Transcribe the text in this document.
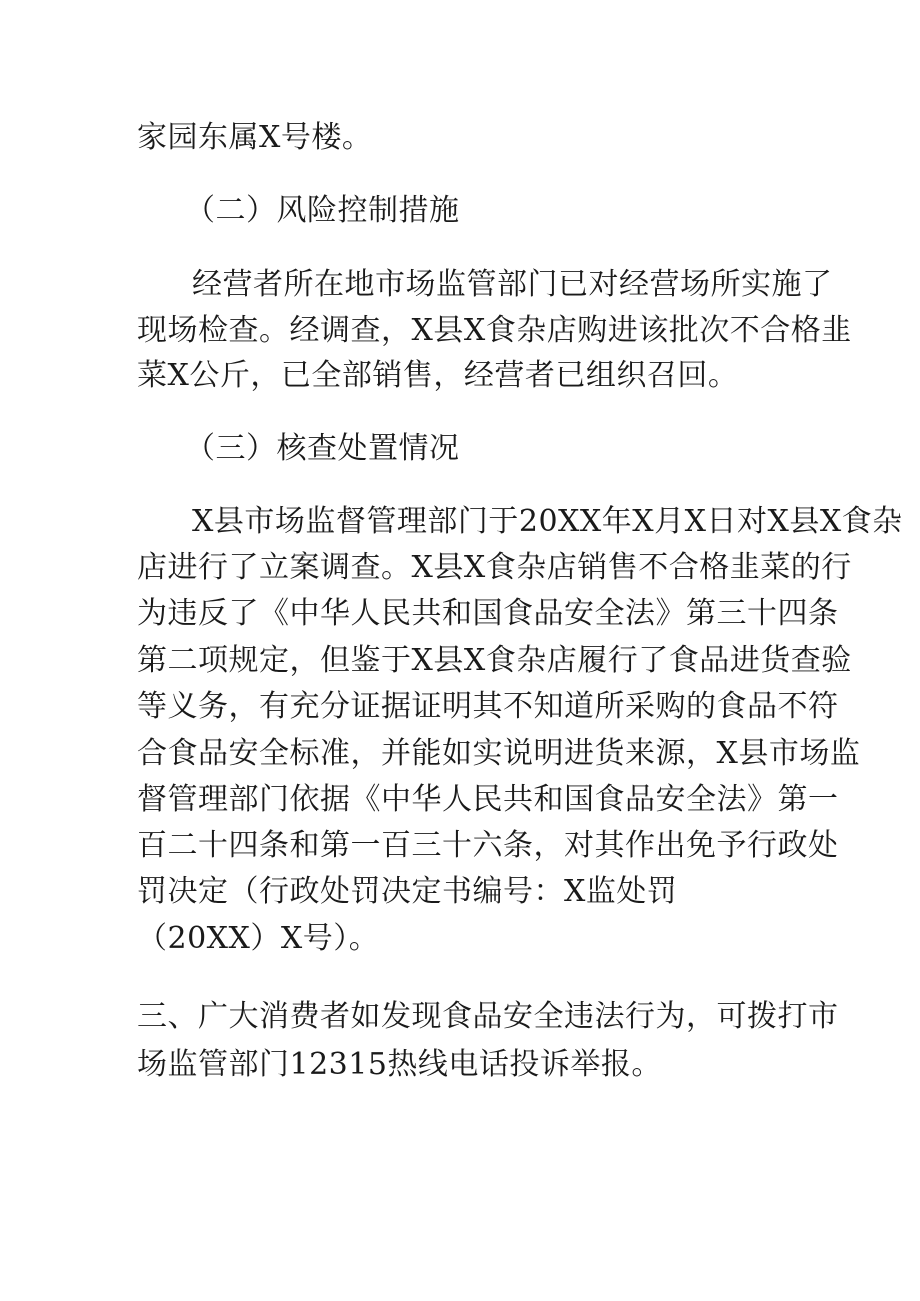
家园东属X号楼。
（二）风险控制措施
经营者所在地市场监管部门已对经营场所实施了
现场检查。经调查，X县X食杂店购进该批次不合格韭
菜X公斤，已全部销售，经营者已组织召回。
（三）核查处置情况
X县市场监督管理部门于20XX年X月X日对X县X食杂
店进行了立案调查。X县X食杂店销售不合格韭菜的行
为违反了《中华人民共和国食品安全法》第三十四条
第二项规定，但鉴于X县X食杂店履行了食品进货查验
等义务，有充分证据证明其不知道所采购的食品不符
合食品安全标准，并能如实说明进货来源，X县市场监
督管理部门依据《中华人民共和国食品安全法》第一
百二十四条和第一百三十六条，对其作出免予行政处
罚决定（行政处罚决定书编号：X监处罚
（20XX）X号）。
三、广大消费者如发现食品安全违法行为，可拨打市
场监管部门12315热线电话投诉举报。
